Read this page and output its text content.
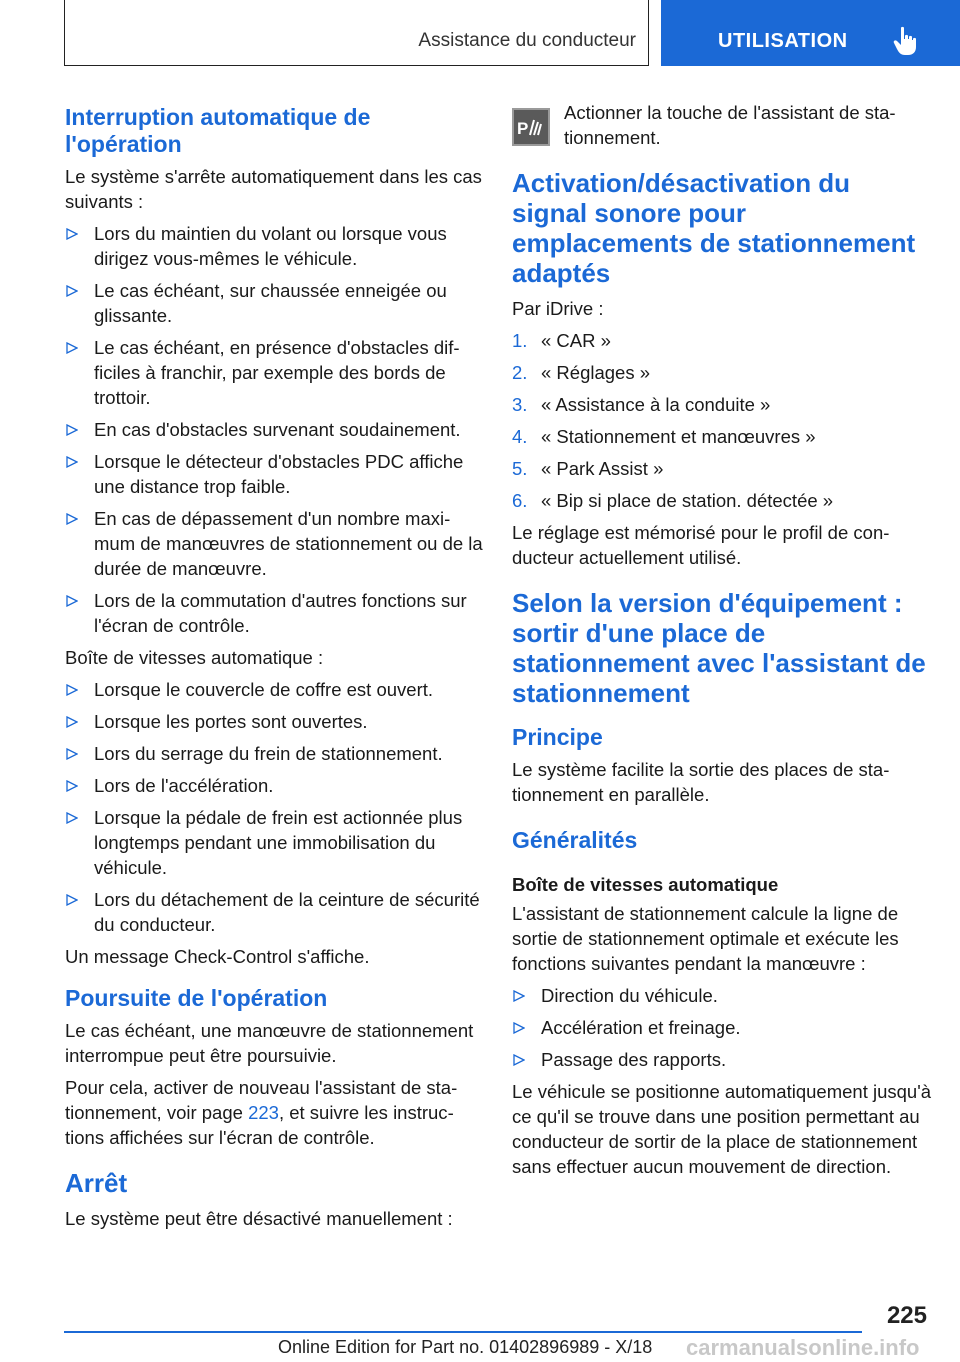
Assistance du conducteur	UTILISATION
Interruption automatique de l'opération

Le système s'arrête automatiquement dans les cas suivants :

Lors du maintien du volant ou lorsque vous dirigez vous-mêmes le véhicule.
Le cas échéant, sur chaussée enneigée ou glissante.
Le cas échéant, en présence d'obstacles difficiles à franchir, par exemple des bords de trottoir.
En cas d'obstacles survenant soudainement.
Lorsque le détecteur d'obstacles PDC affiche une distance trop faible.
En cas de dépassement d'un nombre maximum de manœuvres de stationnement ou de la durée de manœuvre.
Lors de la commutation d'autres fonctions sur l'écran de contrôle.

Boîte de vitesses automatique :

Lorsque le couvercle de coffre est ouvert.
Lorsque les portes sont ouvertes.
Lors du serrage du frein de stationnement.
Lors de l'accélération.
Lorsque la pédale de frein est actionnée plus longtemps pendant une immobilisation du véhicule.
Lors du détachement de la ceinture de sécurité du conducteur.

Un message Check-Control s'affiche.

Poursuite de l'opération

Le cas échéant, une manœuvre de stationnement interrompue peut être poursuivie.

Pour cela, activer de nouveau l'assistant de stationnement, voir page 223, et suivre les instructions affichées sur l'écran de contrôle.

Arrêt

Le système peut être désactivé manuellement :

P

Actionner la touche de l'assistant de stationnement.

Activation/désactivation du signal sonore pour emplacements de stationnement adaptés

Par iDrive :

1. « CAR »
2. « Réglages »
3. « Assistance à la conduite »
4. « Stationnement et manœuvres »
5. « Park Assist »
6. « Bip si place de station. détectée »

Le réglage est mémorisé pour le profil de conducteur actuellement utilisé.

Selon la version d'équipement : sortir d'une place de stationnement avec l'assistant de stationnement
Principe

Le système facilite la sortie des places de stationnement en parallèle.

Généralités
Boîte de vitesses automatique

L'assistant de stationnement calcule la ligne de sortie de stationnement optimale et exécute les fonctions suivantes pendant la manœuvre :

Direction du véhicule.
Accélération et freinage.
Passage des rapports.

Le véhicule se positionne automatiquement jusqu'à ce qu'il se trouve dans une position permettant au conducteur de sortir de la place de stationnement sans effectuer aucun mouvement de direction.

225
Online Edition for Part no. 01402896989 - X/18 carmanualsonline.info
